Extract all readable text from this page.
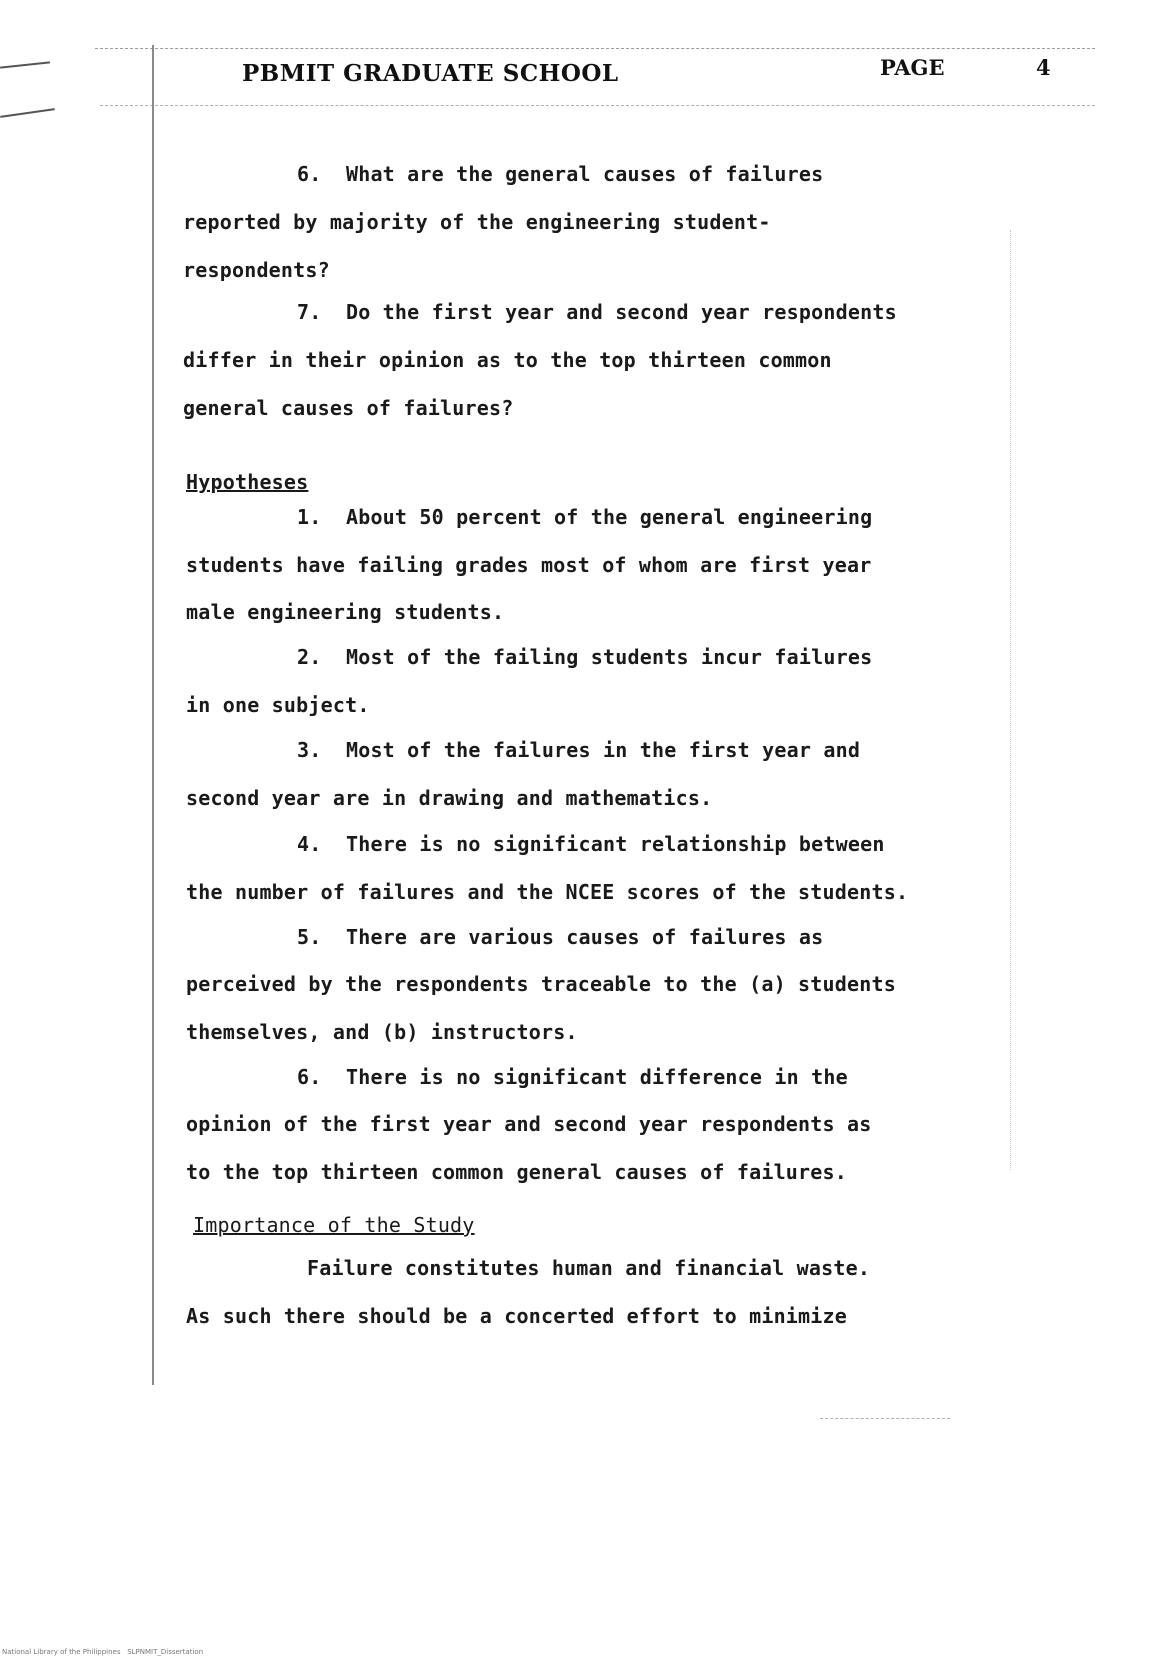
PBMIT GRADUATE SCHOOL	PAGE	4
6.  What are the general causes of failures
reported by majority of the engineering student-
respondents?
7.  Do the first year and second year respondents
differ in their opinion as to the top thirteen common
general causes of failures?
Hypotheses
1.  About 50 percent of the general engineering
students have failing grades most of whom are first year
male engineering students.
2.  Most of the failing students incur failures
in one subject.
3.  Most of the failures in the first year and
second year are in drawing and mathematics.
4.  There is no significant relationship between
the number of failures and the NCEE scores of the students.
5.  There are various causes of failures as
perceived by the respondents traceable to the (a) students
themselves, and (b) instructors.
6.  There is no significant difference in the
opinion of the first year and second year respondents as
to the top thirteen common general causes of failures.
Importance of the Study
Failure constitutes human and financial waste.
As such there should be a concerted effort to minimize
National Library of the Philippines SLPNMIT_Dissertation
